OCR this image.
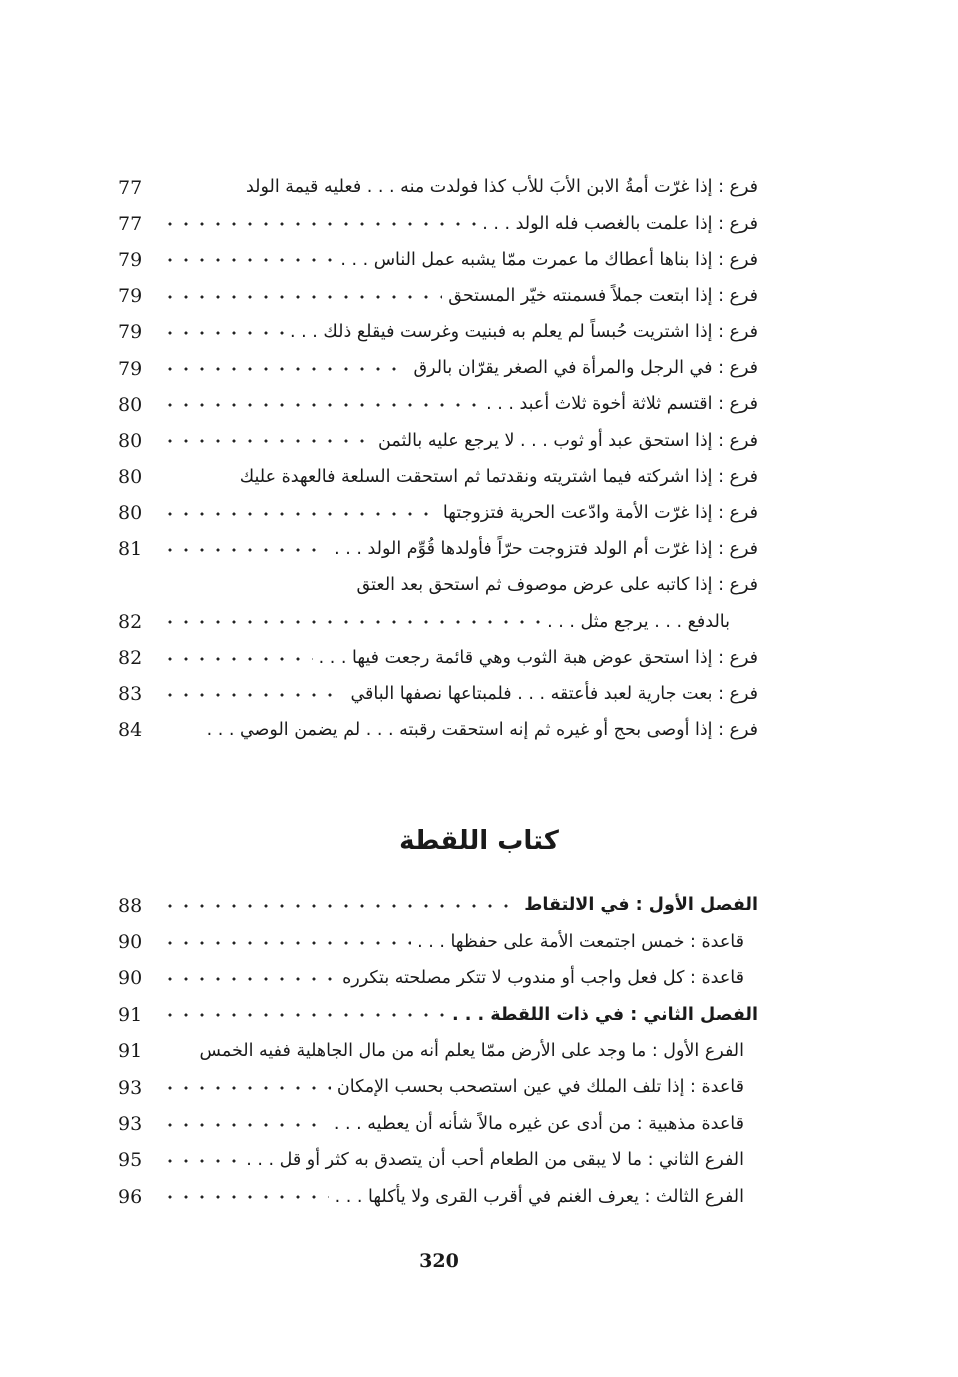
77	فرع : إذا غرّت أمةُ الابن الأبَ للأب كذا فولدت منه . . . فعليه قيمة الولد
77	فرع : إذا علمت بالغصب فله الولد . . .
79	فرع : إذا بناها أعطاك ما عمرت ممّا يشبه عمل الناس . . .
79	فرع : إذا ابتعت جملاً فسمنته خيّر المستحق
79	فرع : إذا اشتريت حُبساً لم يعلم به فبنيت وغرست فيقلع ذلك . . .
79	فرع : في الرجل والمرأة في الصغر يقرّان بالرق
80	فرع : اقتسم ثلاثة أخوة ثلاث أعبد . . .
80	فرع : إذا استحق عبد أو ثوب . . . لا يرجع عليه بالثمن
80	فرع : إذا اشركته فيما اشتريته ونقدتما ثم استحقت السلعة فالعهدة عليك
80	فرع : إذا غرّت الأمة وادّعت الحرية فتزوجتها
81	فرع : إذا غرّت أم الولد فتزوجت حرّاً فأولدها قُوِّم الولد . . .
فرع : إذا كاتبه على عرض موصوف ثم استحق بعد العتق
82	بالدفع . . . يرجع مثل . . .
82	فرع : إذا استحق عوض هبة الثوب وهي قائمة رجعت فيها . . .
83	فرع : بعت جارية لعبد فأعتقه . . . فلمبتاعها نصفها الباقي
84	فرع : إذا أوصى بحج أو غيره ثم إنه استحقت رقبته . . . لم يضمن الوصي . . .
كتاب اللقطة
88	الفصل الأول : في الالتقاط
90	قاعدة : خمس اجتمعت الأمة على حفظها . . .
90	قاعدة : كل فعل واجب أو مندوب لا تتكر مصلحته بتكرره
91	الفصل الثاني : في ذات اللقطة . . .
91	الفرع الأول : ما وجد على الأرض ممّا يعلم أنه من مال الجاهلية ففيه الخمس
93	قاعدة : إذا تلف الملك في عين استصحب بحسب الإمكان
93	قاعدة مذهبية : من أدى عن غيره مالاً شأنه أن يعطيه . . .
95	الفرع الثاني : ما لا يبقى من الطعام أحب أن يتصدق به كثر أو قل . . .
96	الفرع الثالث : يعرف الغنم في أقرب القرى ولا يأكلها . . .
320
